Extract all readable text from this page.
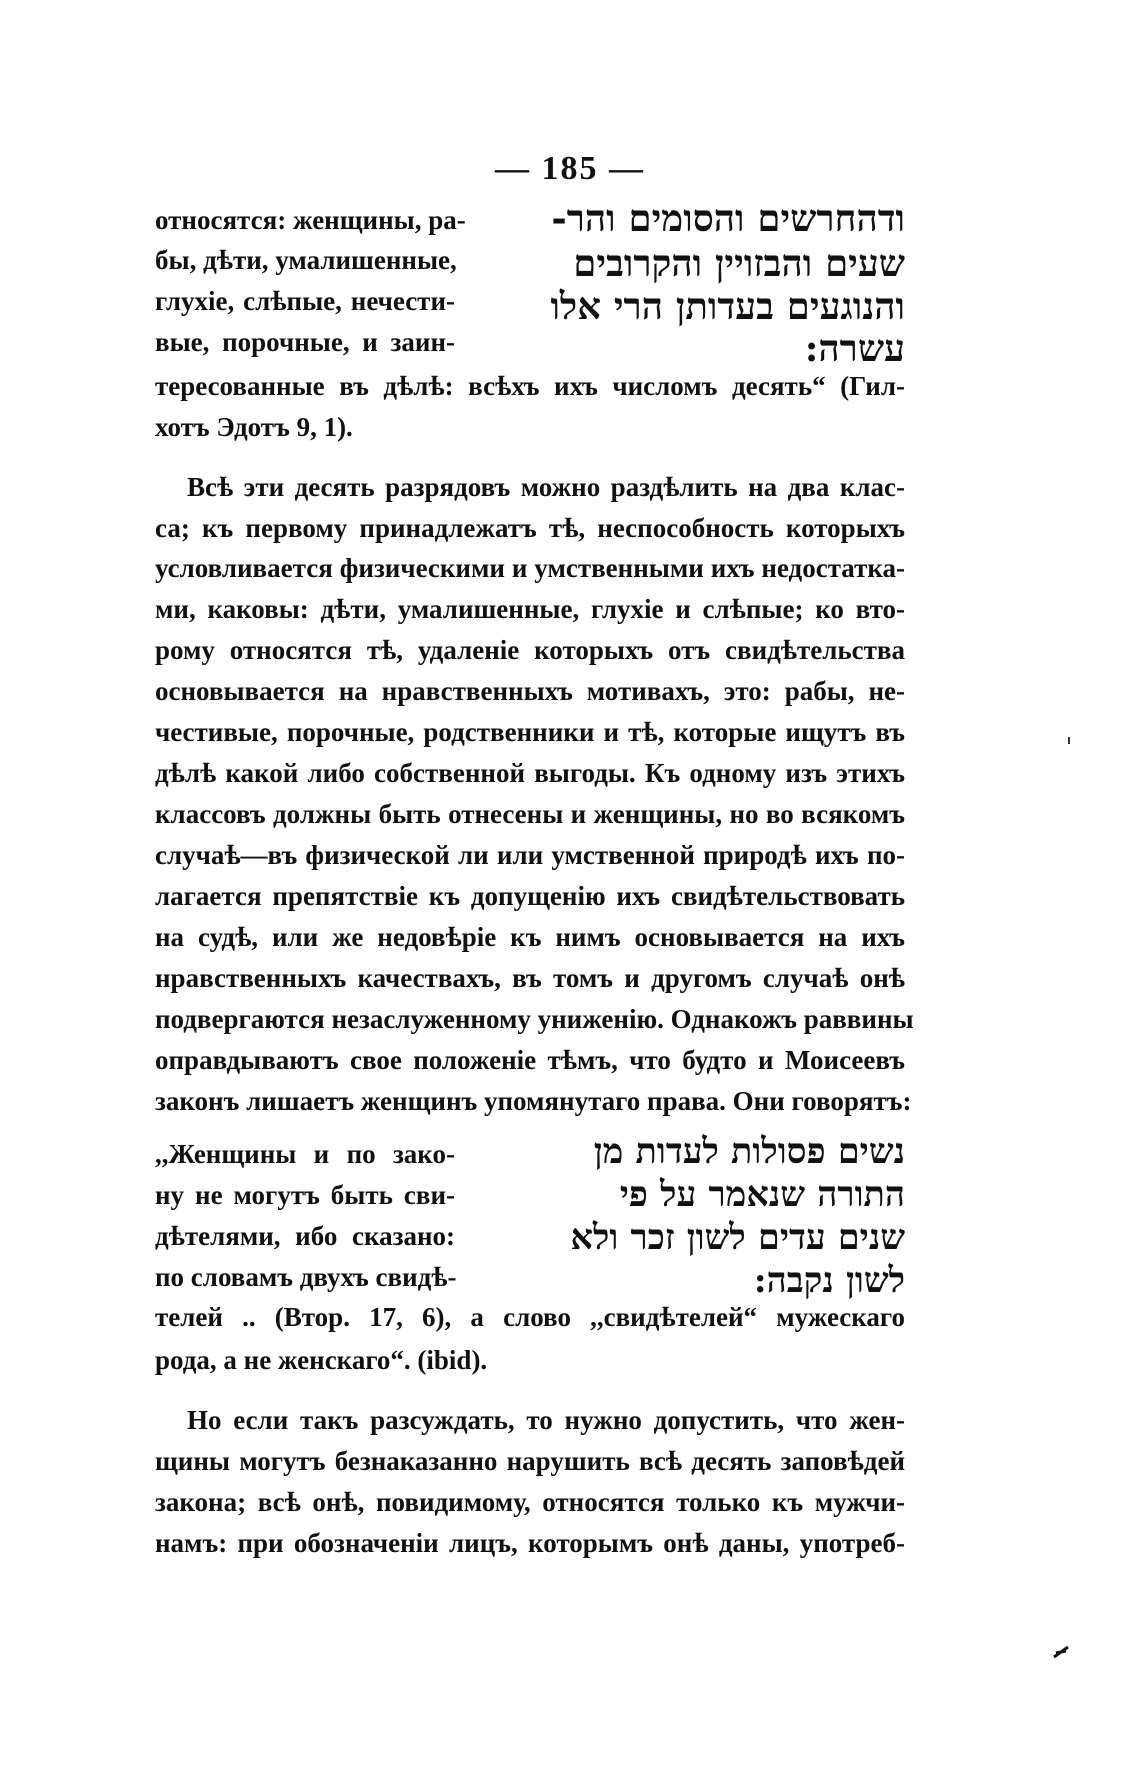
— 185 —
относятся: женщины, ра-
бы, дѣти, умалишенные,
глухіе, слѣпые, нечести-
вые, порочные, и заин-
ודהחרשים והסומים והר-
שעים והבזויין והקרובים
והנוגעים בעדותן הרי אלו
עשרה:
тересованные въ дѣлѣ: всѣхъ ихъ числомъ десять“ (Гил-
хотъ Эдотъ 9, 1).
Всѣ эти десять разрядовъ можно раздѣлить на два клас-
са; къ первому принадлежатъ тѣ, неспособность которыхъ
условливается физическими и умственными ихъ недостатка-
ми, каковы: дѣти, умалишенные, глухіе и слѣпые; ко вто-
рому относятся тѣ, удаленіе которыхъ отъ свидѣтельства
основывается на нравственныхъ мотивахъ, это: рабы, не-
честивые, порочные, родственники и тѣ, которые ищутъ въ
дѣлѣ какой либо собственной выгоды. Къ одному изъ этихъ
классовъ должны быть отнесены и женщины, но во всякомъ
случаѣ—въ физической ли или умственной природѣ ихъ по-
лагается препятствіе къ допущенію ихъ свидѣтельствовать
на судѣ, или же недовѣріе къ нимъ основывается на ихъ
нравственныхъ качествахъ, въ томъ и другомъ случаѣ онѣ
подвергаются незаслуженному униженію. Однакожъ раввины
оправдываютъ свое положеніе тѣмъ, что будто и Моисеевъ
законъ лишаетъ женщинъ упомянутаго права. Они говорятъ:
,,Женщины и по зако-
ну не могутъ быть сви-
дѣтелями, ибо сказано:
по словамъ двухъ свидѣ-
נשים פסולות לעדות מן
התורה שנאמר על פי
שנים עדים לשון זכר ולא
לשון נקבה:
телей .. (Втор. 17, 6), а слово ,,свидѣтелей“ мужескаго
рода, а не женскаго“. (ibid).
Но если такъ разсуждать, то нужно допустить, что жен-
щины могутъ безнаказанно нарушить всѣ десять заповѣдей
закона; всѣ онѣ, повидимому, относятся только къ мужчи-
намъ: при обозначеніи лицъ, которымъ онѣ даны, употреб-
